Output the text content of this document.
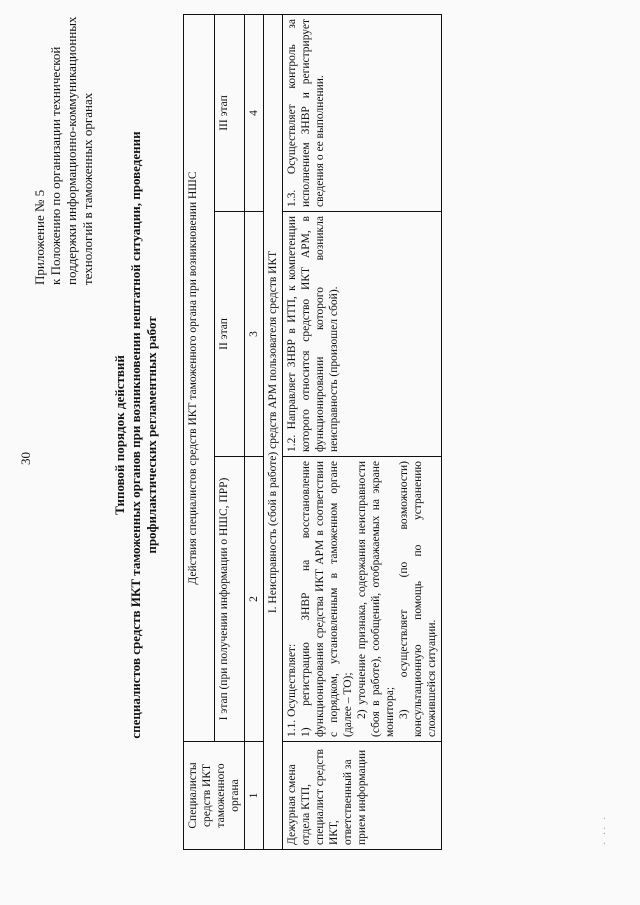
30
Приложение № 5 к Положению по организации технической поддержки информационно-коммуникационных технологий в таможенных органах
Типовой порядок действий специалистов средств ИКТ таможенных органов при возникновении нештатной ситуации, проведении профилактических регламентных работ
Специалисты средств ИКТ таможенного органа	Действия специалистов средств ИКТ таможенного органа при возникновении НШС		
	I этап (при получении информации о НШС, ПРР)	II этап	III этап
1	2	3	4
I. Неисправность (сбой в работе) средств АРМ пользователя средств ИКТ			
Дежурная смена отдела КТП, специалист средств ИКТ, ответственный за прием информации	1.1. Осуществляет: 1) регистрацию ЗНВР на восстановление функционирования средства ИКТ АРМ в соответствии с порядком, установленным в таможенном органе (далее – ТО); 2) уточнение признака, содержания неисправности (сбоя в работе), сообщений, отображаемых на экране монитора; 3) осуществляет (по возможности) консультационную помощь по устранению сложившейся ситуации.	1.2. Направляет ЗНВР в ИТП, к компетенции которого относится средство ИКТ АРМ, в функционировании которого возникла неисправность (произошел сбой).	1.3. Осуществляет контроль за исполнением ЗНВР и регистрирует сведения о ее выполнении.
· ·· ·
